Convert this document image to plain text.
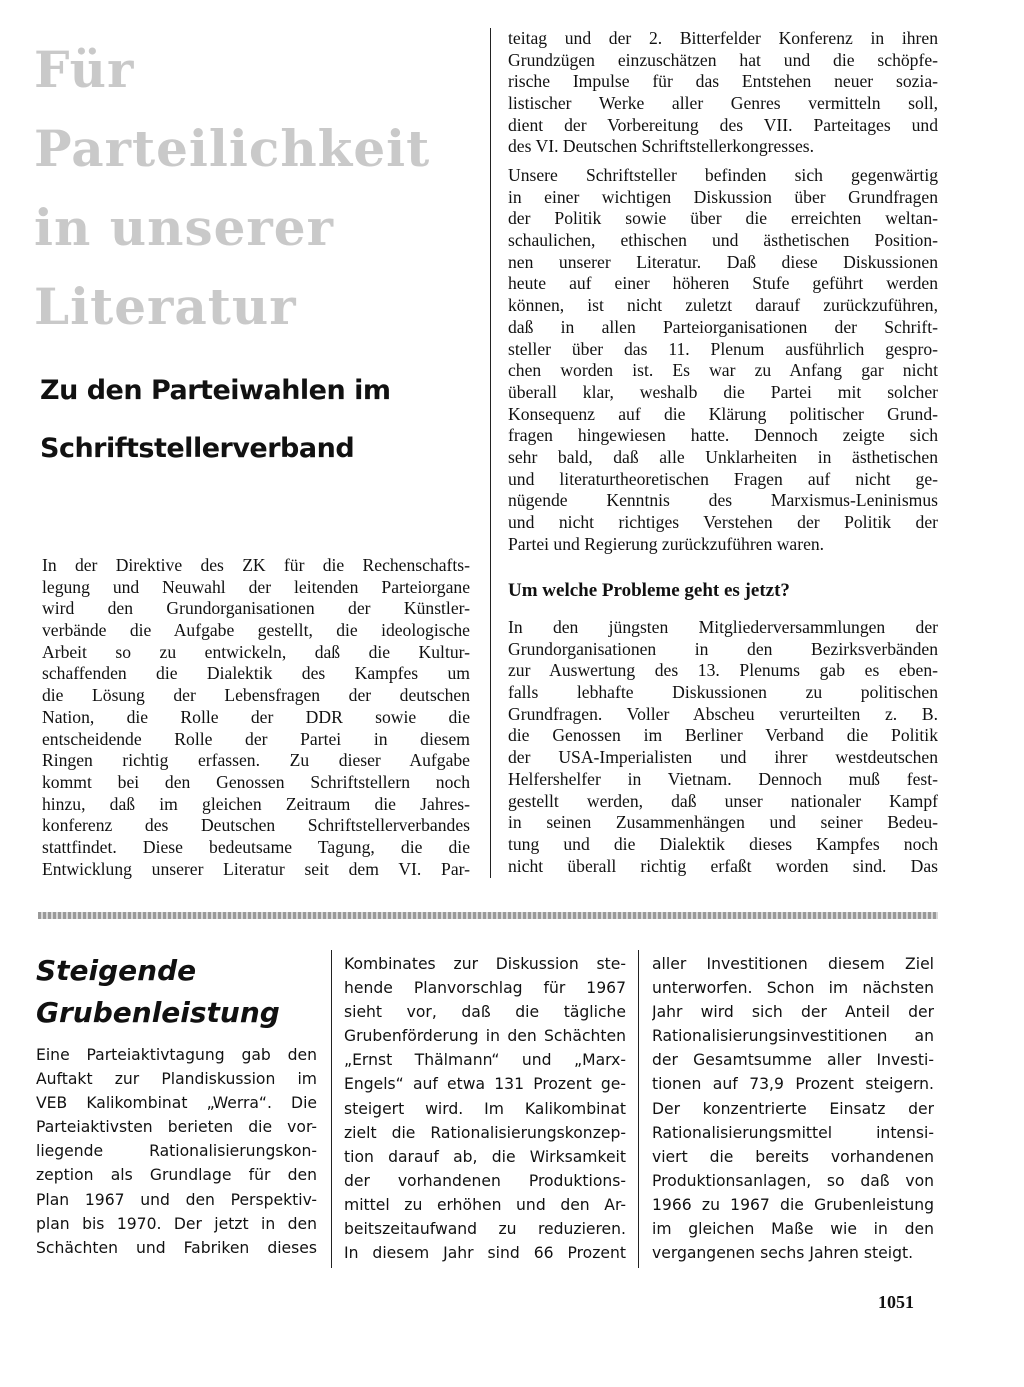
Für
Parteilichkeit
in unserer
Literatur
Zu den Parteiwahlen im
Schriftstellerverband
In der Direktive des ZK für die Rechenschafts-
legung und Neuwahl der leitenden Parteiorgane
wird den Grundorganisationen der Künstler-
verbände die Aufgabe gestellt, die ideologische
Arbeit so zu entwickeln, daß die Kultur-
schaffenden die Dialektik des Kampfes um
die Lösung der Lebensfragen der deutschen
Nation, die Rolle der DDR sowie die
entscheidende Rolle der Partei in diesem
Ringen richtig erfassen. Zu dieser Aufgabe
kommt bei den Genossen Schriftstellern noch
hinzu, daß im gleichen Zeitraum die Jahres-
konferenz des Deutschen Schriftstellerverbandes
stattfindet. Diese bedeutsame Tagung, die die
Entwicklung unserer Literatur seit dem VI. Par-
teitag und der 2. Bitterfelder Konferenz in ihren
Grundzügen einzuschätzen hat und die schöpfe-
rische Impulse für das Entstehen neuer sozia-
listischer Werke aller Genres vermitteln soll,
dient der Vorbereitung des VII. Parteitages und
des VI. Deutschen Schriftstellerkongresses.
Unsere Schriftsteller befinden sich gegenwärtig
in einer wichtigen Diskussion über Grundfragen
der Politik sowie über die erreichten weltan-
schaulichen, ethischen und ästhetischen Position-
nen unserer Literatur. Daß diese Diskussionen
heute auf einer höheren Stufe geführt werden
können, ist nicht zuletzt darauf zurückzuführen,
daß in allen Parteiorganisationen der Schrift-
steller über das 11. Plenum ausführlich gespro-
chen worden ist. Es war zu Anfang gar nicht
überall klar, weshalb die Partei mit solcher
Konsequenz auf die Klärung politischer Grund-
fragen hingewiesen hatte. Dennoch zeigte sich
sehr bald, daß alle Unklarheiten in ästhetischen
und literaturtheoretischen Fragen auf nicht ge-
nügende Kenntnis des Marxismus-Leninismus
und nicht richtiges Verstehen der Politik der
Partei und Regierung zurückzuführen waren.
Um welche Probleme geht es jetzt?
In den jüngsten Mitgliederversammlungen der
Grundorganisationen in den Bezirksverbänden
zur Auswertung des 13. Plenums gab es eben-
falls lebhafte Diskussionen zu politischen
Grundfragen. Voller Abscheu verurteilten z. B.
die Genossen im Berliner Verband die Politik
der USA-Imperialisten und ihrer westdeutschen
Helfershelfer in Vietnam. Dennoch muß fest-
gestellt werden, daß unser nationaler Kampf
in seinen Zusammenhängen und seiner Bedeu-
tung und die Dialektik dieses Kampfes noch
nicht überall richtig erfaßt worden sind. Das
Steigende
Grubenleistung
Eine Parteiaktivtagung gab den
Auftakt zur Plandiskussion im
VEB Kalikombinat „Werra“. Die
Parteiaktivsten berieten die vor-
liegende Rationalisierungskon-
zeption als Grundlage für den
Plan 1967 und den Perspektiv-
plan bis 1970. Der jetzt in den
Schächten und Fabriken dieses
Kombinates zur Diskussion ste-
hende Planvorschlag für 1967
sieht vor, daß die tägliche
Grubenförderung in den Schächten
„Ernst Thälmann“ und „Marx-
Engels“ auf etwa 131 Prozent ge-
steigert wird. Im Kalikombinat
zielt die Rationalisierungskonzep-
tion darauf ab, die Wirksamkeit
der vorhandenen Produktions-
mittel zu erhöhen und den Ar-
beitszeitaufwand zu reduzieren.
In diesem Jahr sind 66 Prozent
aller Investitionen diesem Ziel
unterworfen. Schon im nächsten
Jahr wird sich der Anteil der
Rationalisierungsinvestitionen an
der Gesamtsumme aller Investi-
tionen auf 73,9 Prozent steigern.
Der konzentrierte Einsatz der
Rationalisierungsmittel intensi-
viert die bereits vorhandenen
Produktionsanlagen, so daß von
1966 zu 1967 die Grubenleistung
im gleichen Maße wie in den
vergangenen sechs Jahren steigt.
1051
